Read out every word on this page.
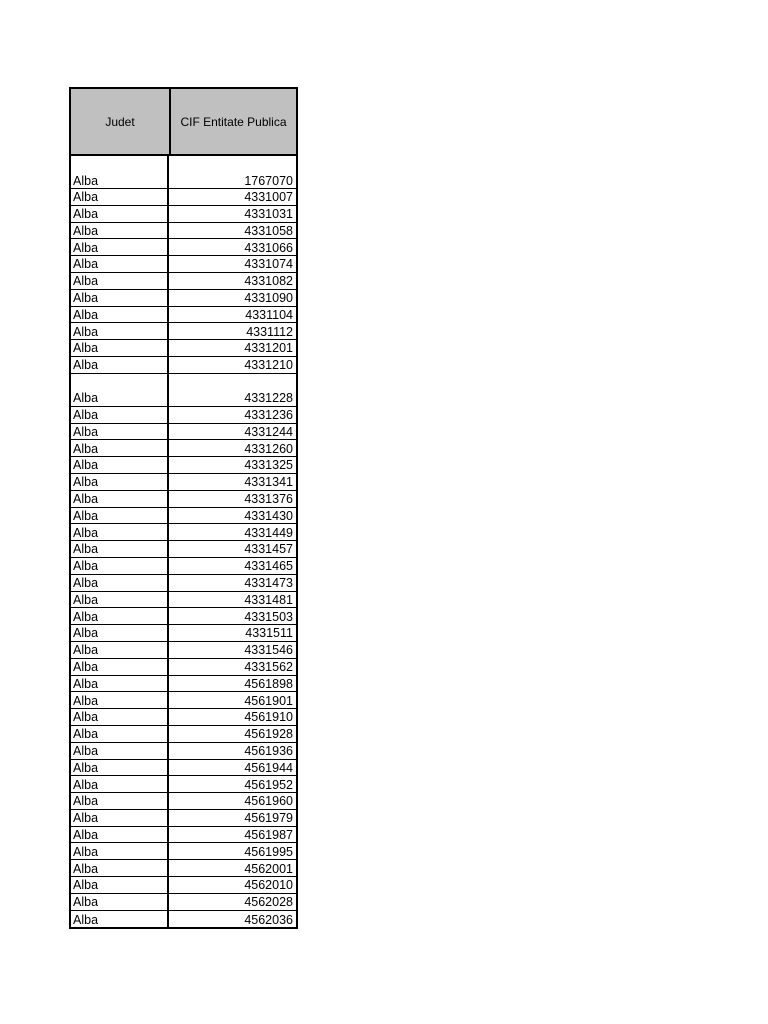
Judet	CIF Entitate Publica
Alba	1767070
Alba	4331007
Alba	4331031
Alba	4331058
Alba	4331066
Alba	4331074
Alba	4331082
Alba	4331090
Alba	4331104
Alba	4331112
Alba	4331201
Alba	4331210
Alba	4331228
Alba	4331236
Alba	4331244
Alba	4331260
Alba	4331325
Alba	4331341
Alba	4331376
Alba	4331430
Alba	4331449
Alba	4331457
Alba	4331465
Alba	4331473
Alba	4331481
Alba	4331503
Alba	4331511
Alba	4331546
Alba	4331562
Alba	4561898
Alba	4561901
Alba	4561910
Alba	4561928
Alba	4561936
Alba	4561944
Alba	4561952
Alba	4561960
Alba	4561979
Alba	4561987
Alba	4561995
Alba	4562001
Alba	4562010
Alba	4562028
Alba	4562036
